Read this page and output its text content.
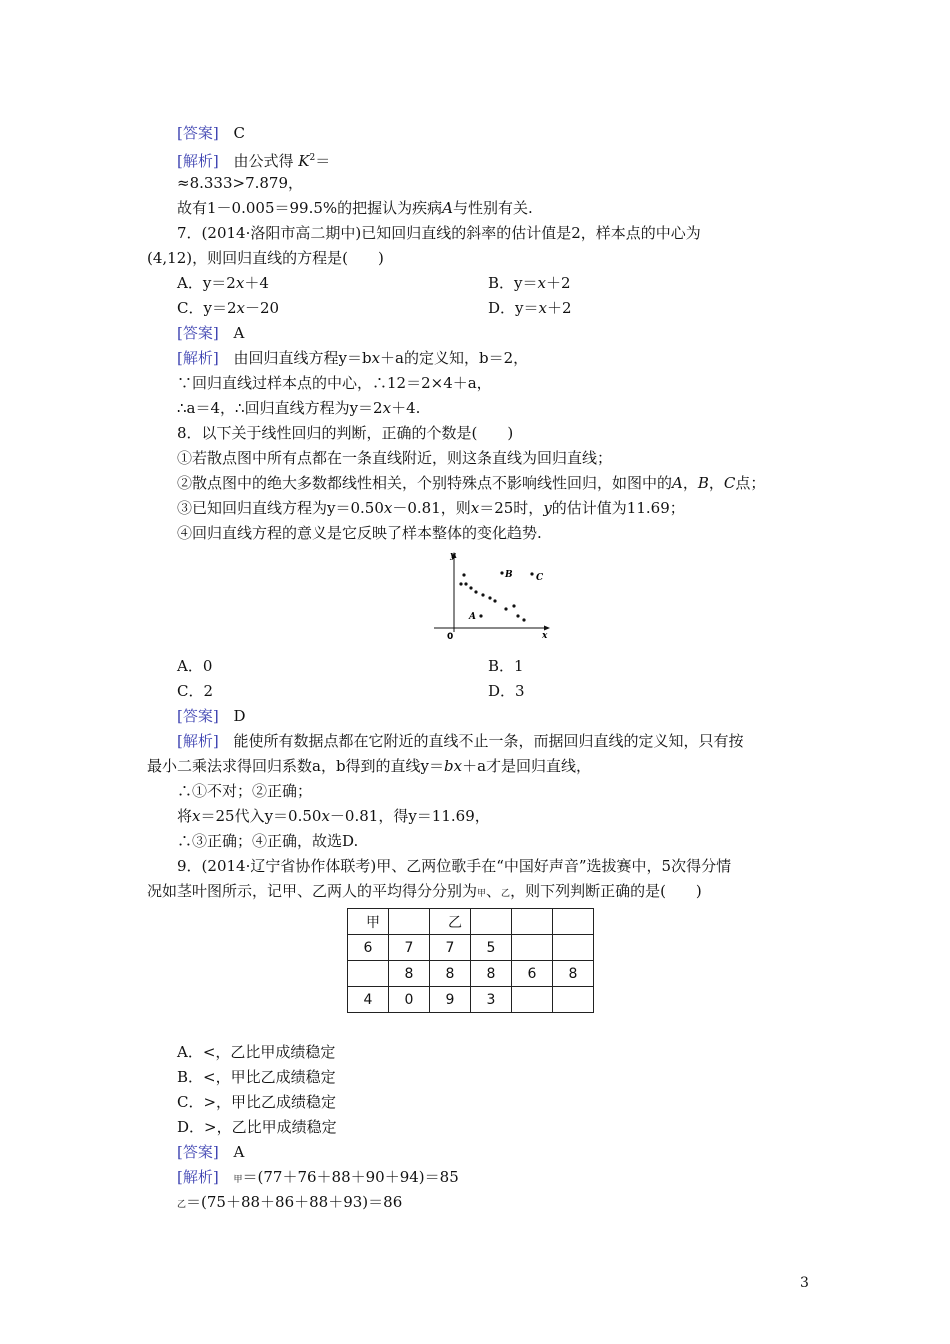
[答案] C
[解析] 由公式得 $K^2=$
≈8.333>7.879，
故有1－0.005＝99.5%的把握认为疾病A与性别有关.
7．(2014·洛阳市高二期中)已知回归直线的斜率的估计值是2，样本点的中心为
(4,12)，则回归直线的方程是(　　)
A．y＝2x＋4	B．y＝x＋2
C．y＝2x－20	D．y＝x＋2
[答案] A
[解析] 由回归直线方程y＝bx＋a的定义知，b＝2，
∵回归直线过样本点的中心，∴12＝2×4＋a，
∴a＝4，∴回归直线方程为y＝2x＋4.
8．以下关于线性回归的判断，正确的个数是(　　)
①若散点图中所有点都在一条直线附近，则这条直线为回归直线；
②散点图中的绝大多数都线性相关，个别特殊点不影响线性回归，如图中的A，B，C点；
③已知回归直线方程为y＝0.50x－0.81，则x＝25时，y的估计值为11.69；
④回归直线方程的意义是它反映了样本整体的变化趋势.
y
x
0
A
B	C
A．0	B．1
C．2	D．3
[答案] D
[解析] 能使所有数据点都在它附近的直线不止一条，而据回归直线的定义知，只有按
最小二乘法求得回归系数a，b得到的直线y＝bx＋a才是回归直线，
∴①不对；②正确；
将x＝25代入y＝0.50x－0.81，得y＝11.69，
∴③正确；④正确，故选D.
9．(2014·辽宁省协作体联考)甲、乙两位歌手在“中国好声音”选拔赛中，5次得分情
况如茎叶图所示，记甲、乙两人的平均得分分别为甲、乙，则下列判断正确的是(　　)
甲		乙			
6	7	7	5		
	8	8	8	6	8
4	0	9	3		
A．<，乙比甲成绩稳定
B．<，甲比乙成绩稳定
C．>，甲比乙成绩稳定
D．>，乙比甲成绩稳定
[答案] A
[解析] 甲＝(77＋76＋88＋90＋94)＝85
乙＝(75＋88＋86＋88＋93)＝86
3
